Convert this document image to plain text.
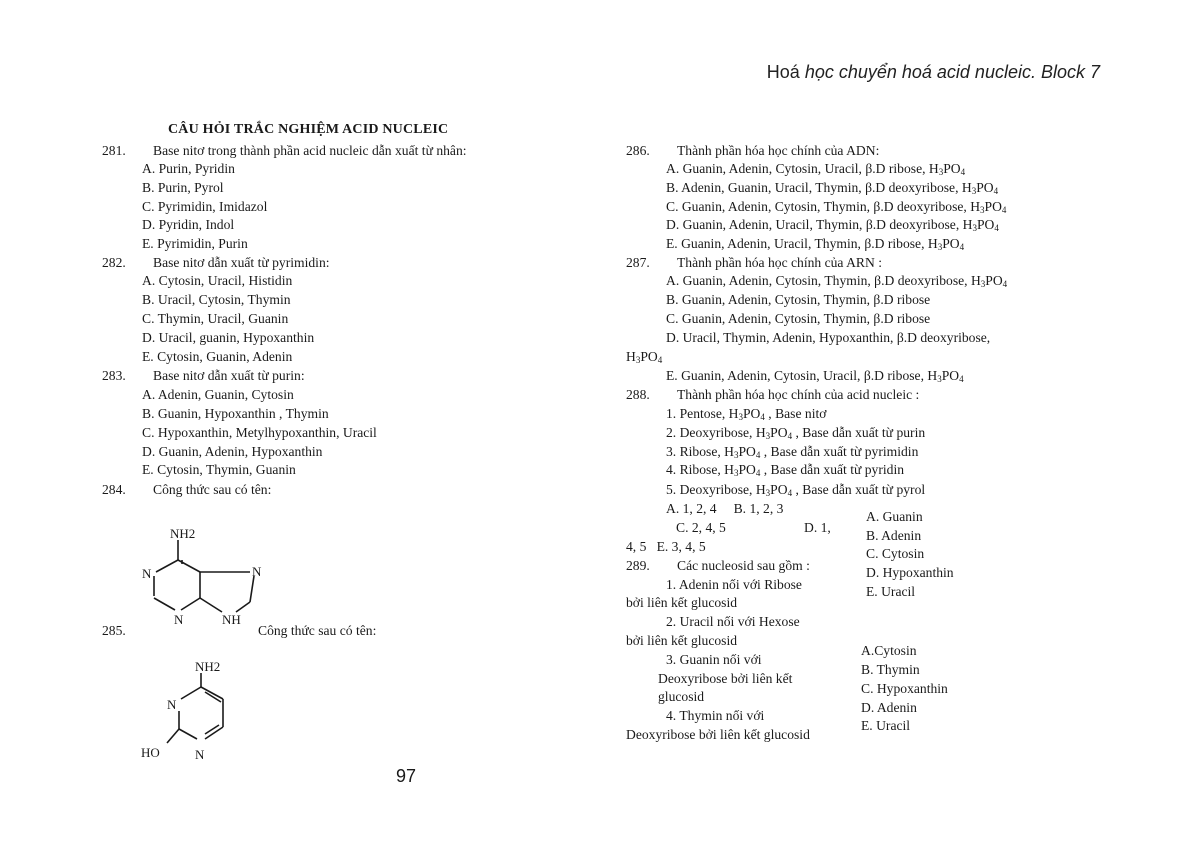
Hoá học chuyển hoá acid nucleic. Block 7
CÂU HỎI TRẮC NGHIỆM ACID NUCLEIC
281. Base nitơ trong thành phần acid nucleic dẫn xuất từ nhân:
A. Purin, Pyridin
B. Purin, Pyrol
C. Pyrimidin, Imidazol
D. Pyridin, Indol
E. Pyrimidin, Purin
282. Base nitơ dẫn xuất từ pyrimidin:
A. Cytosin, Uracil, Histidin
B. Uracil, Cytosin, Thymin
C. Thymin, Uracil, Guanin
D. Uracil, guanin, Hypoxanthin
E. Cytosin, Guanin, Adenin
283. Base nitơ dẫn xuất từ purin:
A. Adenin, Guanin, Cytosin
B. Guanin, Hypoxanthin , Thymin
C. Hypoxanthin, Metylhypoxanthin, Uracil
D. Guanin, Adenin, Hypoxanthin
E. Cytosin, Thymin, Guanin
284. Công thức sau có tên:
NH2
N	N
N	NH
285.	Công thức sau có tên:
NH2
N
N
HO
97
286. Thành phần hóa học chính của ADN:
A. Guanin, Adenin, Cytosin, Uracil, β.D ribose, $H_3PO_4$
B. Adenin, Guanin, Uracil, Thymin, β.D deoxyribose, $H_3PO_4$
C. Guanin, Adenin, Cytosin, Thymin, β.D deoxyribose, $H_3PO_4$
D. Guanin, Adenin, Uracil, Thymin, β.D deoxyribose, $H_3PO_4$
E. Guanin, Adenin, Uracil, Thymin, β.D ribose, $H_3PO_4$
287. Thành phần hóa học chính của ARN :
A. Guanin, Adenin, Cytosin, Thymin, β.D deoxyribose, $H_3PO_4$
B. Guanin, Adenin, Cytosin, Thymin, β.D ribose
C. Guanin, Adenin, Cytosin, Thymin, β.D ribose
D. Uracil, Thymin, Adenin, Hypoxanthin, β.D deoxyribose,
$H_3PO_4$
E. Guanin, Adenin, Cytosin, Uracil, β.D ribose, $H_3PO_4$
288. Thành phần hóa học chính của acid nucleic :
1. Pentose, $H_3PO_4$ , Base nitơ
2. Deoxyribose, $H_3PO_4$ , Base dẫn xuất từ purin
3. Ribose, $H_3PO_4$ , Base dẫn xuất từ pyrimidin
4. Ribose, $H_3PO_4$ , Base dẫn xuất từ pyridin
5. Deoxyribose, $H_3PO_4$ , Base dẫn xuất từ pyrol
A. 1, 2, 4     B. 1, 2, 3
C. 2, 4, 5	D. 1,
4, 5   E. 3, 4, 5
A. Guanin
B. Adenin
C. Cytosin
D. Hypoxanthin
E. Uracil
289. Các nucleosid sau gồm :
1. Adenin nối với Ribose
bởi liên kết glucosid
2. Uracil nối với Hexose
bởi liên kết glucosid
3. Guanin nối với
Deoxyribose bởi liên kết
glucosid
4. Thymin nối với
Deoxyribose bởi liên kết glucosid
A.Cytosin
B. Thymin
C. Hypoxanthin
D. Adenin
E. Uracil
